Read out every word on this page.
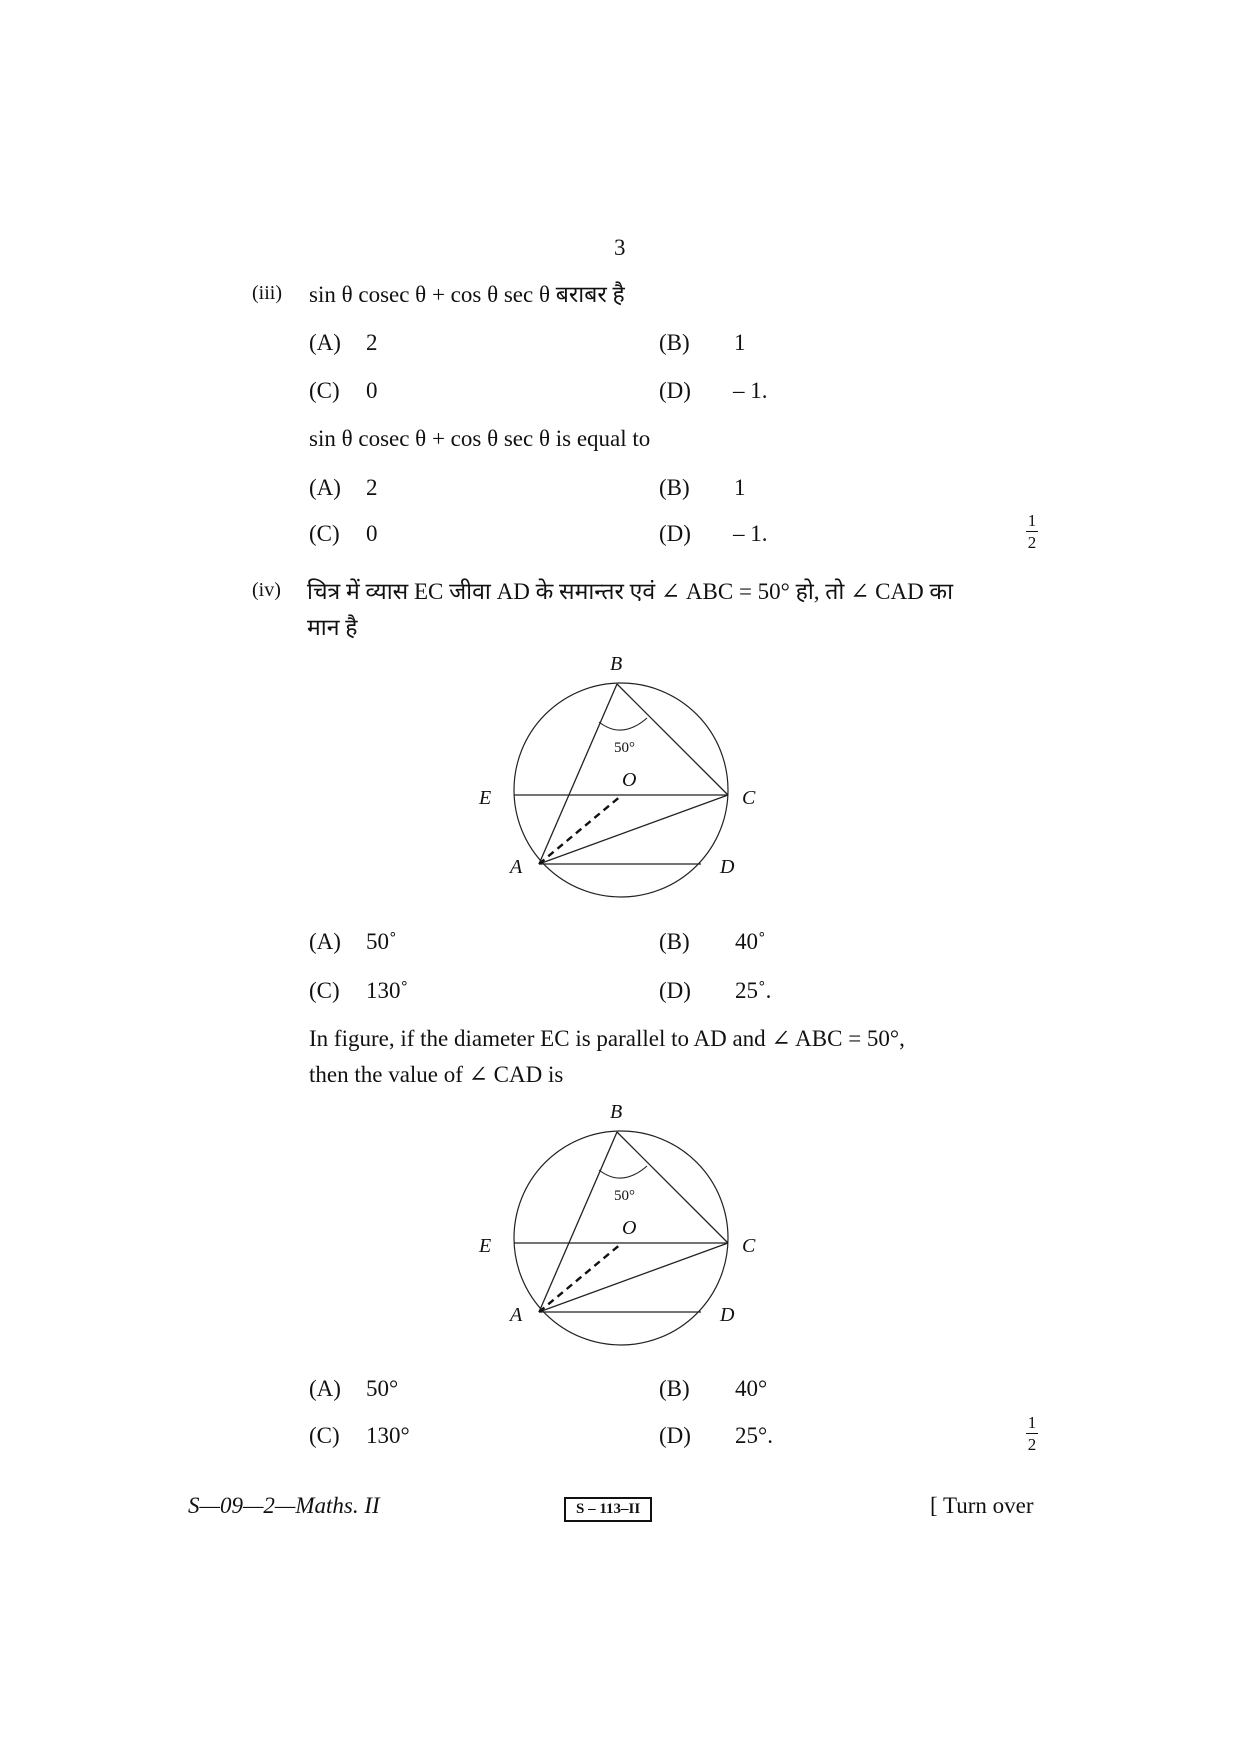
3
(iii) sin θ cosec θ + cos θ sec θ बराबर है
(A) 2	(B) 1
(C) 0	(D) – 1.
sin θ cosec θ + cos θ sec θ is equal to
(A) 2	(B) 1
(C) 0	(D) – 1.
1
2
(iv) चित्र में व्यास EC जीवा AD के समान्तर एवं ∠ ABC = 50° हो, तो ∠ CAD का
मान है
B
50°
O
E	C
A	D
(A) 50˚	(B) 40˚
(C) 130˚	(D) 25˚.
In figure, if the diameter EC is parallel to AD and ∠ ABC = 50°,
then the value of ∠ CAD is
B
50°
O
E	C
A	D
(A) 50°	(B) 40°
(C) 130°	(D) 25°.
1
2
S—09—2—Maths. II	S – 113–II	[ Turn over
